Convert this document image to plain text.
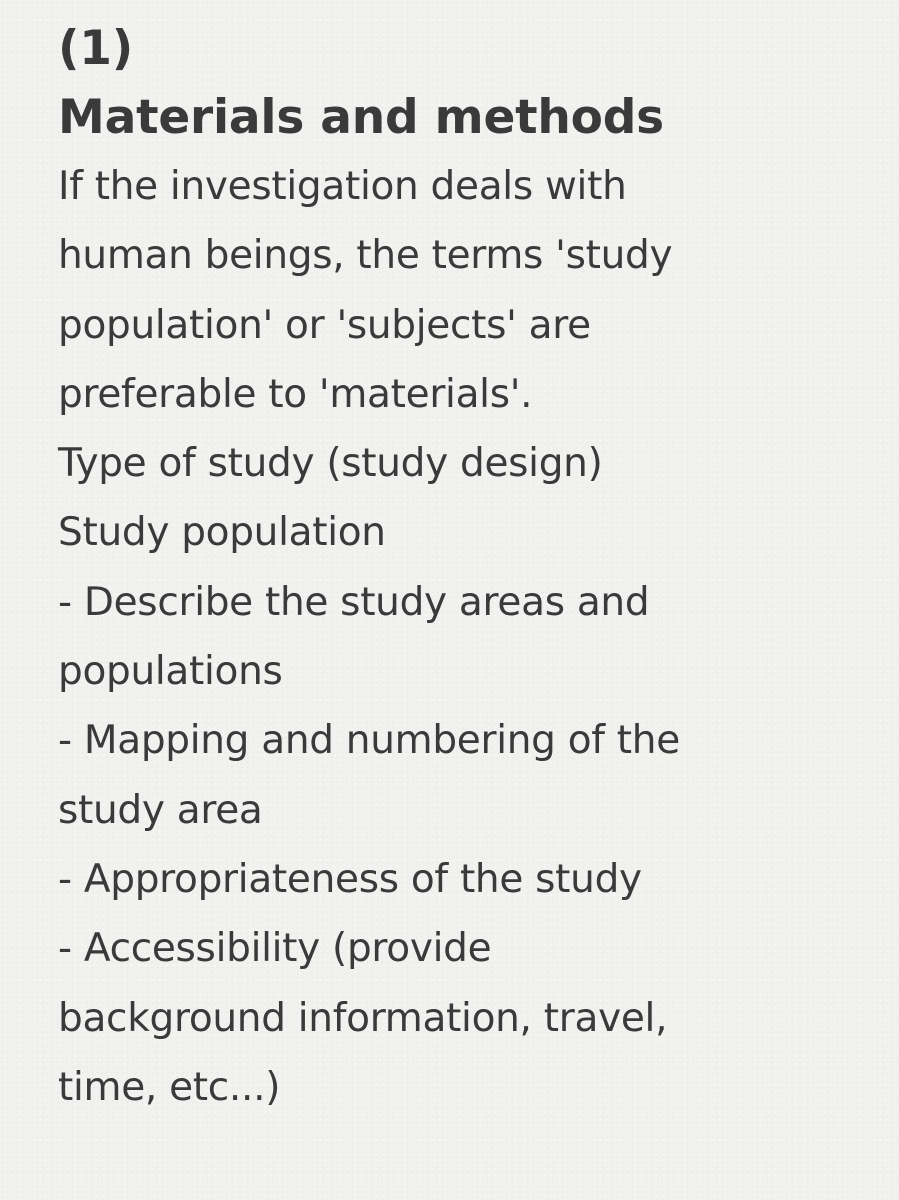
(1)
Materials and methods
If the investigation deals with
human beings, the terms 'study
population' or 'subjects' are
preferable to 'materials'.
Type of study (study design)
Study population
- Describe the study areas and
populations
- Mapping and numbering of the
study area
- Appropriateness of the study
- Accessibility (provide
background information, travel,
time, etc...)
